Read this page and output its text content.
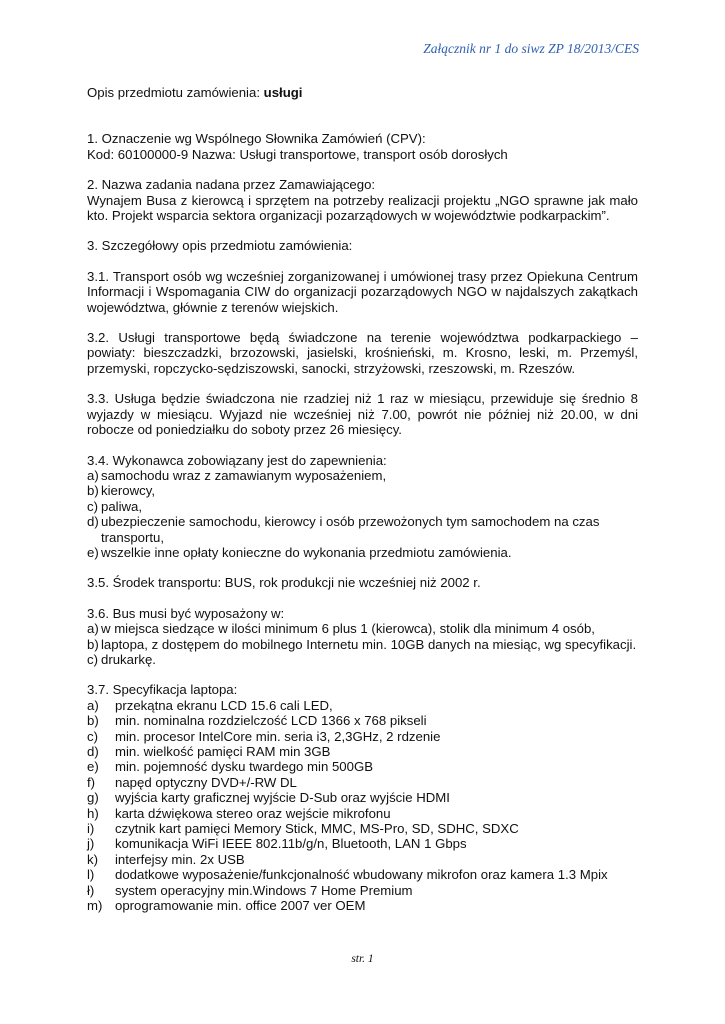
Załącznik nr 1 do siwz ZP 18/2013/CES

Opis przedmiotu zamówienia: usługi

1. Oznaczenie wg Wspólnego Słownika Zamówień (CPV):
Kod: 60100000-9 Nazwa: Usługi transportowe, transport osób dorosłych

2. Nazwa zadania nadana przez Zamawiającego:

Wynajem Busa z kierowcą i sprzętem na potrzeby realizacji projektu „NGO sprawne jak mało kto. Projekt wsparcia sektora organizacji pozarządowych w województwie podkarpackim”.

3. Szczegółowy opis przedmiotu zamówienia:

3.1. Transport osób wg wcześniej zorganizowanej i umówionej trasy przez Opiekuna Centrum Informacji i Wspomagania CIW do organizacji pozarządowych NGO w najdalszych zakątkach województwa, głównie z terenów wiejskich.

3.2. Usługi transportowe będą świadczone na terenie województwa podkarpackiego – powiaty: bieszczadzki, brzozowski, jasielski, krośnieński, m. Krosno, leski, m. Przemyśl, przemyski, ropczycko-sędziszowski, sanocki, strzyżowski, rzeszowski, m. Rzeszów.

3.3. Usługa będzie świadczona nie rzadziej niż 1 raz w miesiącu, przewiduje się średnio 8 wyjazdy w miesiącu. Wyjazd nie wcześniej niż 7.00, powrót nie później niż 20.00, w dni robocze od poniedziałku do soboty przez 26 miesięcy.

3.4. Wykonawca zobowiązany jest do zapewnienia:
a) samochodu wraz z zamawianym wyposażeniem,
b) kierowcy,
c) paliwa,
d) ubezpieczenie samochodu, kierowcy i osób przewożonych tym samochodem na czas transportu,
e) wszelkie inne opłaty konieczne do wykonania przedmiotu zamówienia.

3.5. Środek transportu: BUS, rok produkcji nie wcześniej niż 2002 r.

3.6. Bus musi być wyposażony w:
a) w miejsca siedzące w ilości minimum 6 plus 1 (kierowca), stolik dla minimum 4 osób,
b) laptopa, z dostępem do mobilnego Internetu min. 10GB danych na miesiąc, wg specyfikacji.
c) drukarkę.
3.7. Specyfikacja laptopa:
a)	przekątna ekranu LCD 15.6 cali LED,
b)	min. nominalna rozdzielczość LCD 1366 x 768 pikseli
c)	min. procesor IntelCore min. seria i3, 2,3GHz, 2 rdzenie
d)	min. wielkość pamięci RAM min 3GB
e)	min. pojemność dysku twardego min 500GB
f)	napęd optyczny DVD+/-RW DL
g)	wyjścia karty graficznej wyjście D-Sub oraz wyjście HDMI
h)	karta dźwiękowa stereo oraz wejście mikrofonu
i)	czytnik kart pamięci Memory Stick, MMC, MS-Pro, SD, SDHC, SDXC
j)	komunikacja WiFi IEEE 802.11b/g/n, Bluetooth, LAN 1 Gbps
k)	interfejsy min. 2x USB
l)	dodatkowe wyposażenie/funkcjonalność wbudowany mikrofon oraz kamera 1.3 Mpix
ł)	system operacyjny min.Windows 7 Home Premium
m) oprogramowanie min. office 2007 ver OEM
str. 1
